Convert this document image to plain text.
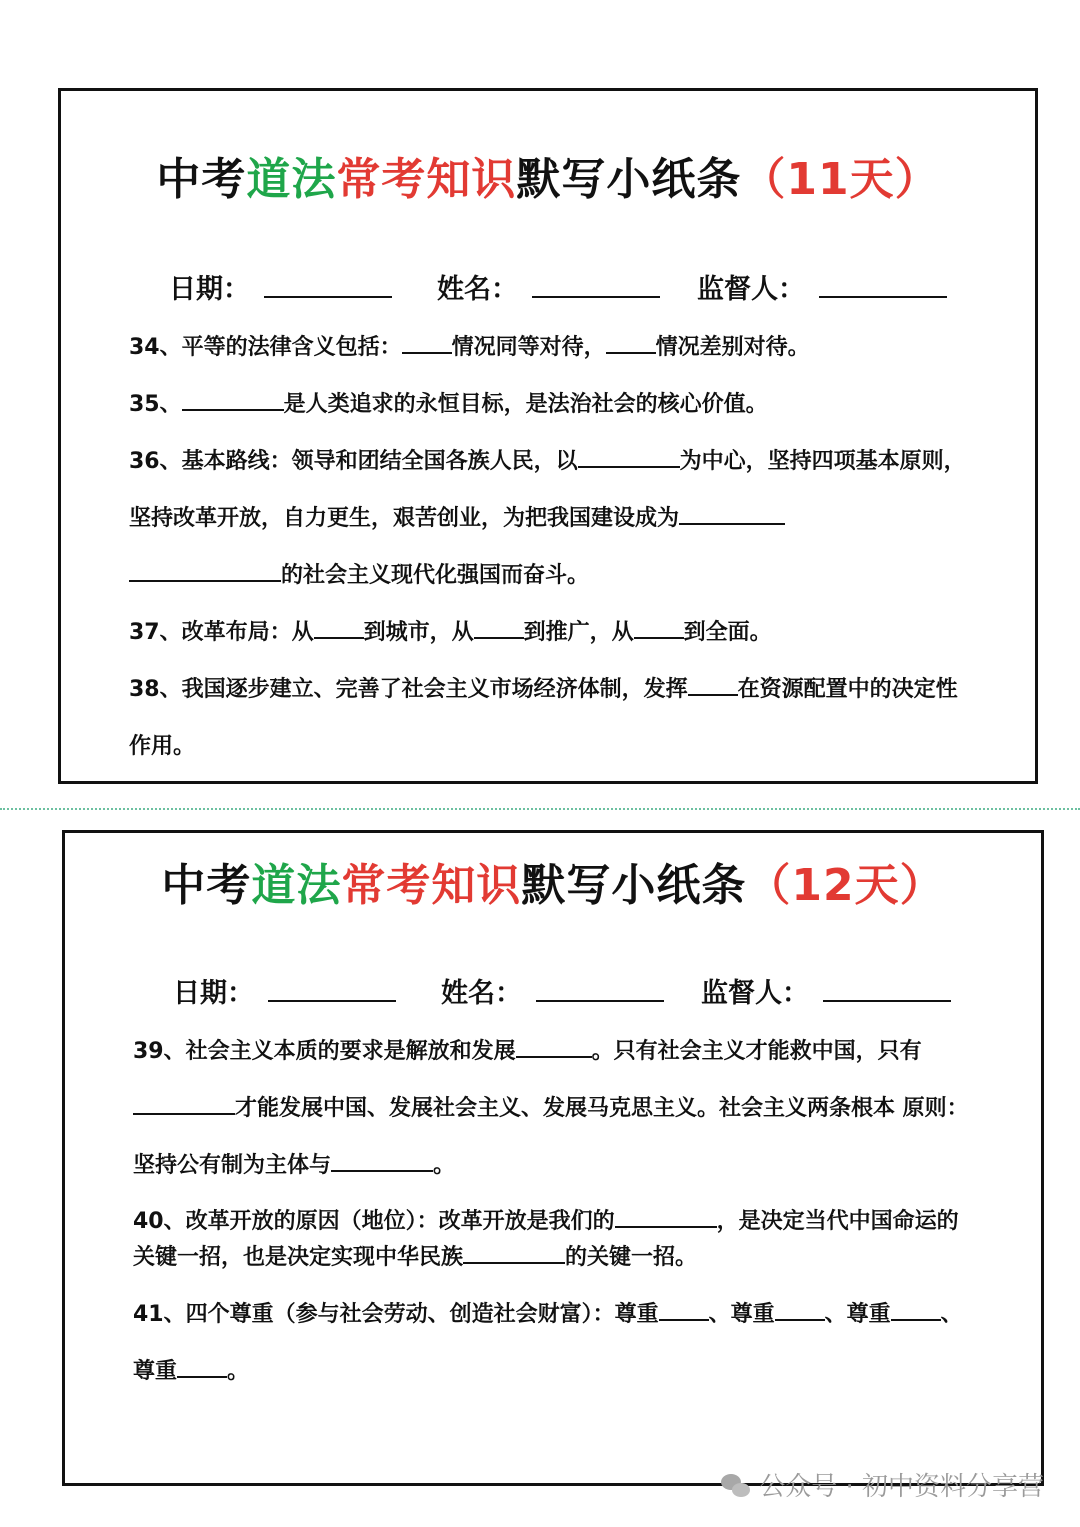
中考道法常考知识默写小纸条（11天）
日期：	姓名：	监督人：

34、平等的法律含义包括： 情况同等对待， 情况差别对待。

35、	是人类追求的永恒目标，是法治社会的核心价值。

36、基本路线：领导和团结全国各族人民，以	为中心，坚持四项基本原则，坚持改革开放，自力更生，艰苦创业，为把我国建设成为
的社会主义现代化强国而奋斗。

37、改革布局：从 到城市，从 到推广，从 到全面。

38、我国逐步建立、完善了社会主义市场经济体制，发挥 在资源配置中的决定性作用。

中考道法常考知识默写小纸条（12天）
日期：	姓名：	监督人：

39、社会主义本质的要求是解放和发展	。只有社会主义才能救中国，只有才能发展中国、发展社会主义、发展马克思主义。社会主义两条根本 原则：坚持公有制为主体与	。

40、改革开放的原因（地位）：改革开放是我们的	，是决定当代中国命运的关键一招，也是决定实现中华民族	的关键一招。

41、四个尊重（参与社会劳动、创造社会财富）：尊重 、尊重 、尊重 、尊重 。

公众号 · 初中资料分享营
